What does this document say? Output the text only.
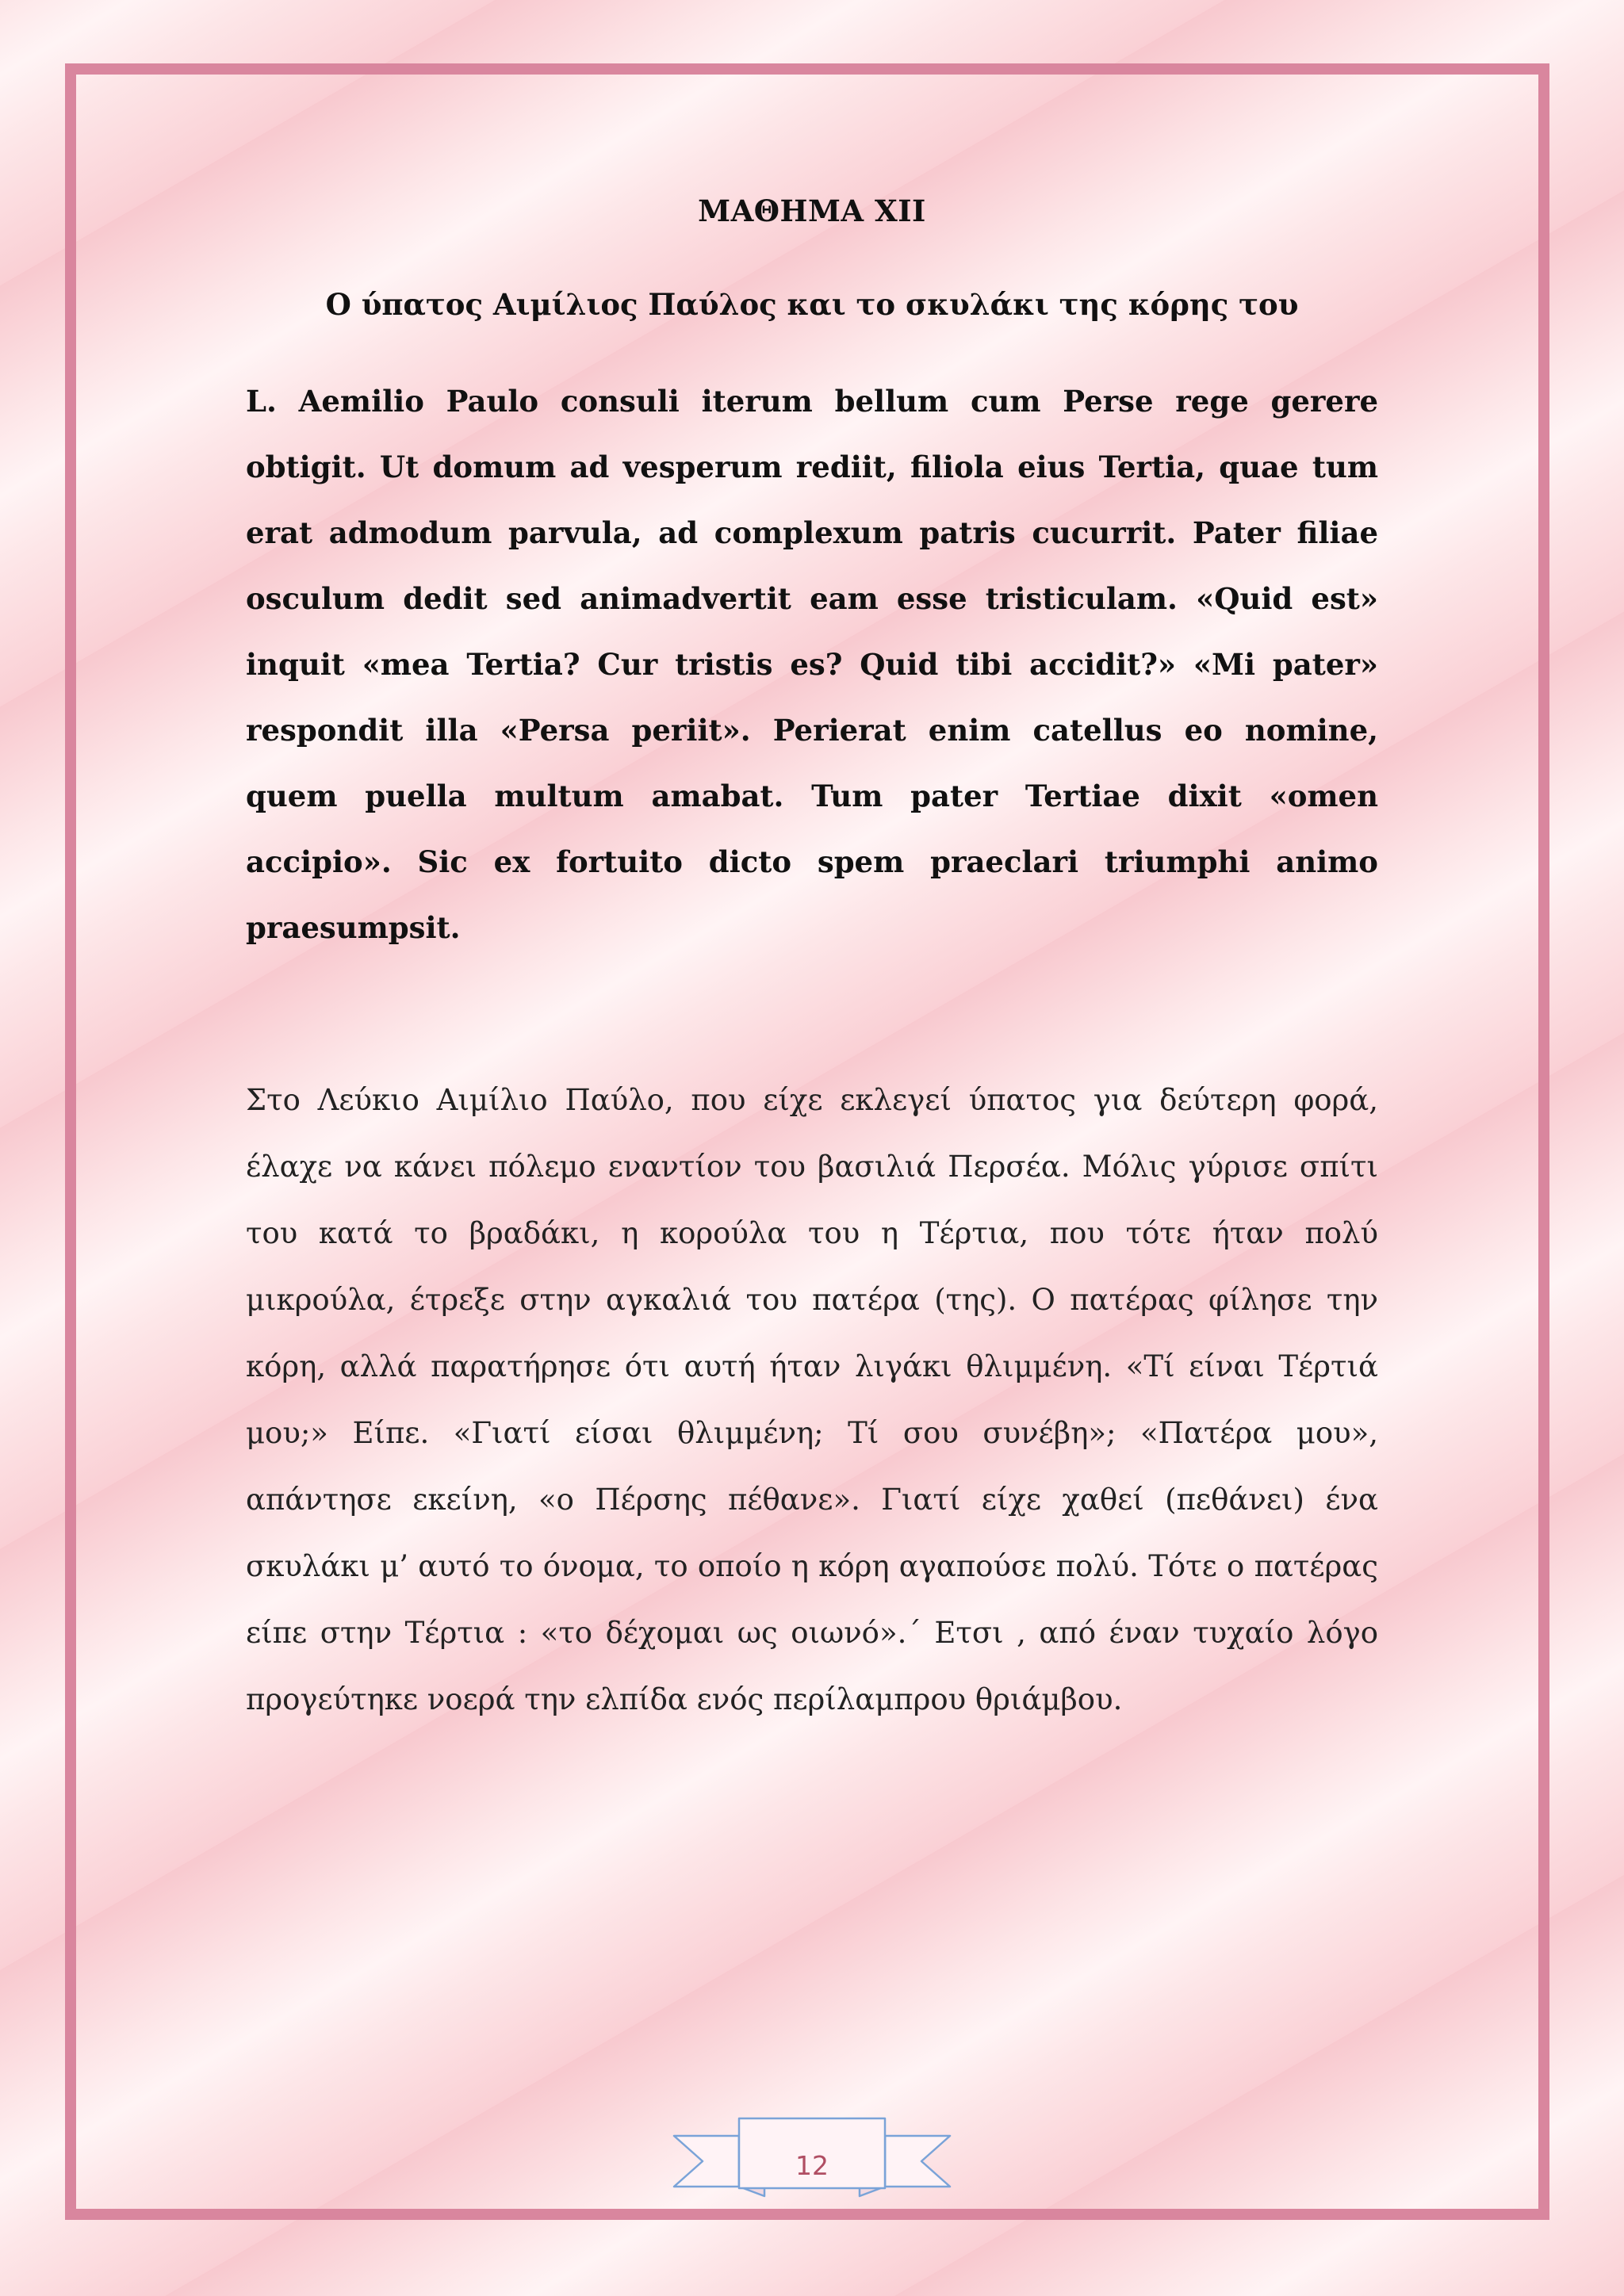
ΜΑΘΗΜΑ XII
Ο ύπατος Αιμίλιος Παύλος και το σκυλάκι της κόρης του

L. Aemilio Paulo consuli iterum bellum cum Perse rege gerere obtigit. Ut domum ad vesperum rediit, filiola eius Tertia, quae tum erat admodum parvula, ad complexum patris cucurrit. Pater filiae osculum dedit sed animadvertit eam esse tristiculam. «Quid est» inquit «mea Tertia? Cur tristis es? Quid tibi accidit?» «Mi pater» respondit illa «Persa periit». Perierat enim catellus eo nomine, quem puella multum amabat. Tum pater Tertiae dixit «omen accipio». Sic ex fortuito dicto spem praeclari triumphi animo praesumpsit.

Στο Λεύκιο Αιμίλιο Παύλο, που είχε εκλεγεί ύπατος για δεύτερη φορά, έλαχε να κάνει πόλεμο εναντίον του βασιλιά Περσέα. Μόλις γύρισε σπίτι του κατά το βραδάκι, η κορούλα του η Τέρτια, που τότε ήταν πολύ μικρούλα, έτρεξε στην αγκαλιά του πατέρα (της). Ο πατέρας φίλησε την κόρη, αλλά παρατήρησε ότι αυτή ήταν λιγάκι θλιμμένη. «Τί είναι Τέρτιά μου;» Είπε. «Γιατί είσαι θλιμμένη; Τί σου συνέβη»; «Πατέρα μου», απάντησε εκείνη, «ο Πέρσης πέθανε». Γιατί είχε χαθεί (πεθάνει) ένα σκυλάκι μ’ αυτό το όνομα, το οποίο η κόρη αγαπούσε πολύ. Τότε ο πατέρας είπε στην Τέρτια : «το δέχομαι ως οιωνό».΄ Ετσι , από έναν τυχαίο λόγο προγεύτηκε νοερά την ελπίδα ενός περίλαμπρου θριάμβου.

12
